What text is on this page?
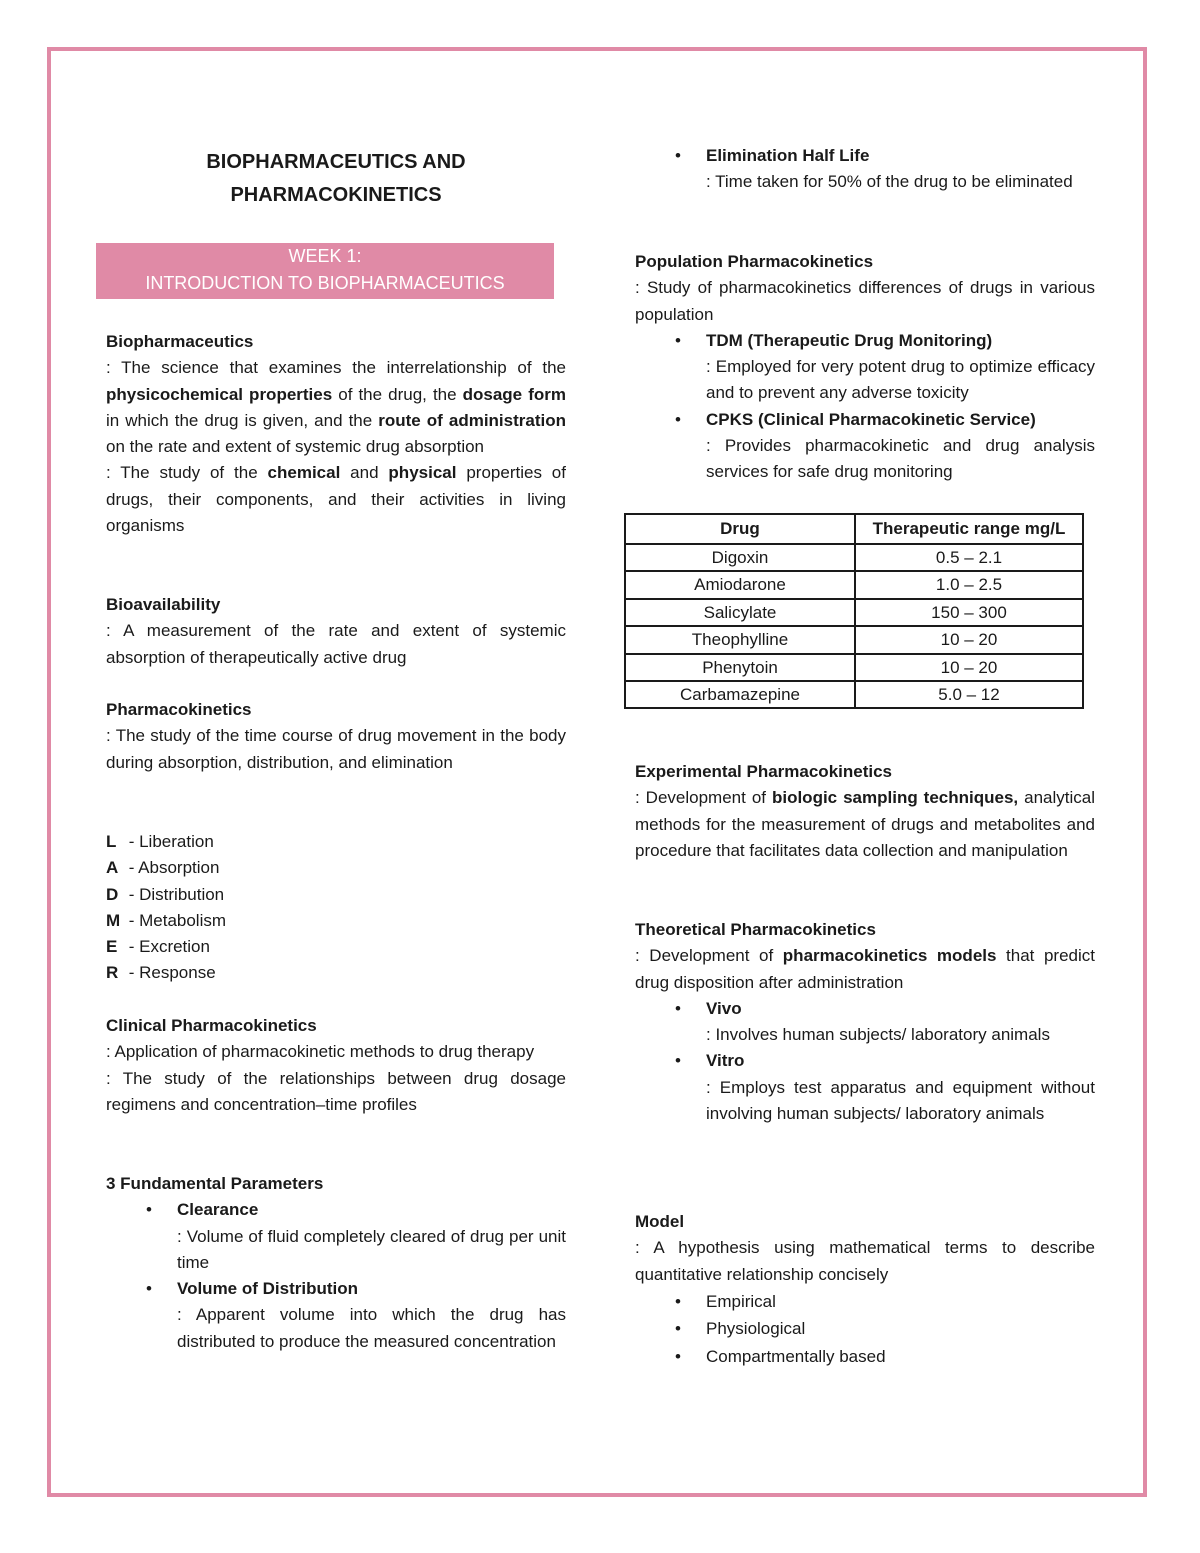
BIOPHARMACEUTICS AND PHARMACOKINETICS
WEEK 1:
INTRODUCTION TO BIOPHARMACEUTICS
Biopharmaceutics
: The science that examines the interrelationship of the physicochemical properties of the drug, the dosage form in which the drug is given, and the route of administration on the rate and extent of systemic drug absorption
: The study of the chemical and physical properties of drugs, their components, and their activities in living organisms
Bioavailability
: A measurement of the rate and extent of systemic absorption of therapeutically active drug
Pharmacokinetics
: The study of the time course of drug movement in the body during absorption, distribution, and elimination
L - Liberation
A - Absorption
D - Distribution
M - Metabolism
E - Excretion
R - Response
Clinical Pharmacokinetics
: Application of pharmacokinetic methods to drug therapy
: The study of the relationships between drug dosage regimens and concentration–time profiles
3 Fundamental Parameters
• Clearance
: Volume of fluid completely cleared of drug per unit time
• Volume of Distribution
: Apparent volume into which the drug has distributed to produce the measured concentration
• Elimination Half Life
: Time taken for 50% of the drug to be eliminated
Population Pharmacokinetics
: Study of pharmacokinetics differences of drugs in various population
• TDM (Therapeutic Drug Monitoring)
: Employed for very potent drug to optimize efficacy and to prevent any adverse toxicity
• CPKS (Clinical Pharmacokinetic Service)
: Provides pharmacokinetic and drug analysis services for safe drug monitoring
Drug	Therapeutic range mg/L
Digoxin	0.5 – 2.1
Amiodarone	1.0 – 2.5
Salicylate	150 – 300
Theophylline	10 – 20
Phenytoin	10 – 20
Carbamazepine	5.0 – 12
Experimental Pharmacokinetics
: Development of biologic sampling techniques, analytical methods for the measurement of drugs and metabolites and procedure that facilitates data collection and manipulation
Theoretical Pharmacokinetics
: Development of pharmacokinetics models that predict drug disposition after administration
• Vivo
: Involves human subjects/ laboratory animals
• Vitro
: Employs test apparatus and equipment without involving human subjects/ laboratory animals
Model
: A hypothesis using mathematical terms to describe quantitative relationship concisely
• Empirical
• Physiological
• Compartmentally based
